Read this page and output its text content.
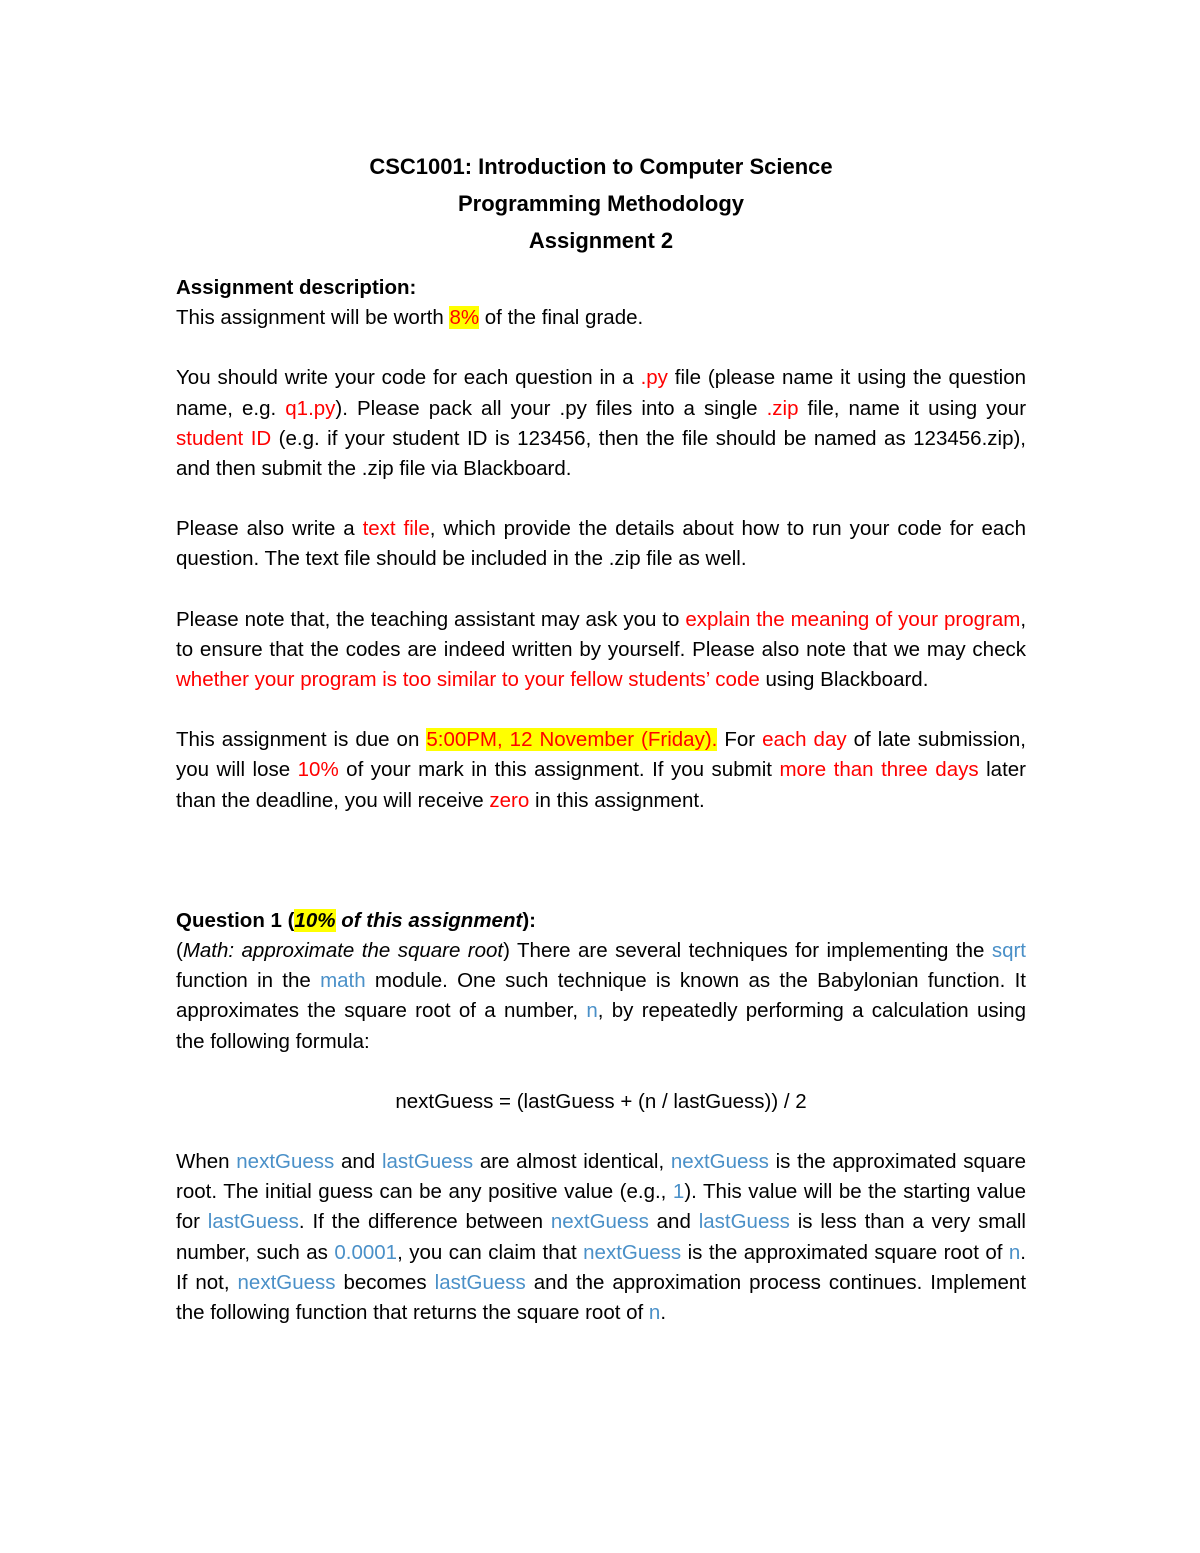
CSC1001: Introduction to Computer Science
Programming Methodology
Assignment 2

Assignment description:

This assignment will be worth 8% of the final grade.

You should write your code for each question in a .py file (please name it using the question name, e.g. q1.py). Please pack all your .py files into a single .zip file, name it using your student ID (e.g. if your student ID is 123456, then the file should be named as 123456.zip), and then submit the .zip file via Blackboard.

Please also write a text file, which provide the details about how to run your code for each question. The text file should be included in the .zip file as well.

Please note that, the teaching assistant may ask you to explain the meaning of your program, to ensure that the codes are indeed written by yourself. Please also note that we may check whether your program is too similar to your fellow students’ code using Blackboard.

This assignment is due on 5:00PM, 12 November (Friday). For each day of late submission, you will lose 10% of your mark in this assignment. If you submit more than three days later than the deadline, you will receive zero in this assignment.

Question 1 (10% of this assignment):

(Math: approximate the square root) There are several techniques for implementing the sqrt function in the math module. One such technique is known as the Babylonian function. It approximates the square root of a number, n, by repeatedly performing a calculation using the following formula:

nextGuess = (lastGuess + (n / lastGuess)) / 2

When nextGuess and lastGuess are almost identical, nextGuess is the approximated square root. The initial guess can be any positive value (e.g., 1). This value will be the starting value for lastGuess. If the difference between nextGuess and lastGuess is less than a very small number, such as 0.0001, you can claim that nextGuess is the approximated square root of n. If not, nextGuess becomes lastGuess and the approximation process continues. Implement the following function that returns the square root of n.
